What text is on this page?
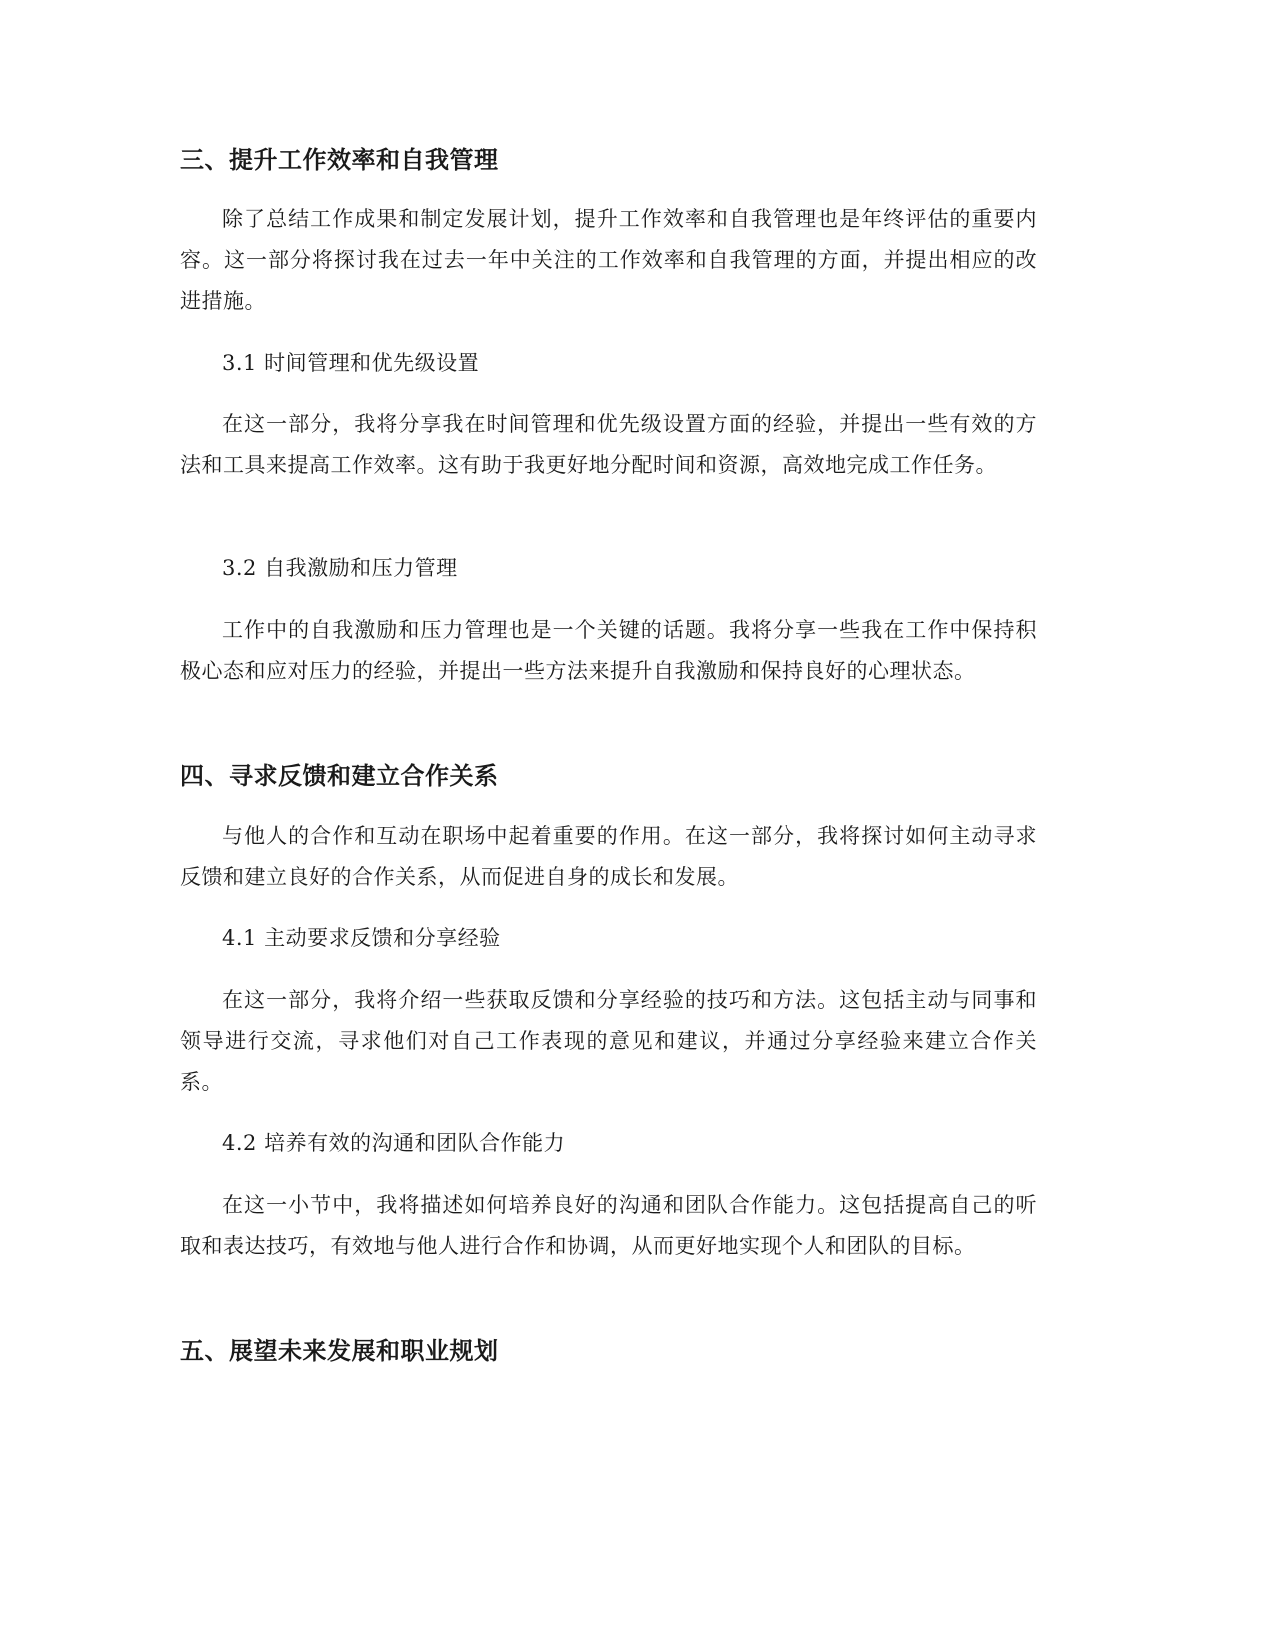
三、提升工作效率和自我管理

除了总结工作成果和制定发展计划，提升工作效率和自我管理也是年终评估的重要内容。这一部分将探讨我在过去一年中关注的工作效率和自我管理的方面，并提出相应的改进措施。

3.1 时间管理和优先级设置

在这一部分，我将分享我在时间管理和优先级设置方面的经验，并提出一些有效的方法和工具来提高工作效率。这有助于我更好地分配时间和资源，高效地完成工作任务。

3.2 自我激励和压力管理

工作中的自我激励和压力管理也是一个关键的话题。我将分享一些我在工作中保持积极心态和应对压力的经验，并提出一些方法来提升自我激励和保持良好的心理状态。

四、寻求反馈和建立合作关系

与他人的合作和互动在职场中起着重要的作用。在这一部分，我将探讨如何主动寻求反馈和建立良好的合作关系，从而促进自身的成长和发展。

4.1 主动要求反馈和分享经验

在这一部分，我将介绍一些获取反馈和分享经验的技巧和方法。这包括主动与同事和领导进行交流，寻求他们对自己工作表现的意见和建议，并通过分享经验来建立合作关系。

4.2 培养有效的沟通和团队合作能力

在这一小节中，我将描述如何培养良好的沟通和团队合作能力。这包括提高自己的听取和表达技巧，有效地与他人进行合作和协调，从而更好地实现个人和团队的目标。

五、展望未来发展和职业规划
